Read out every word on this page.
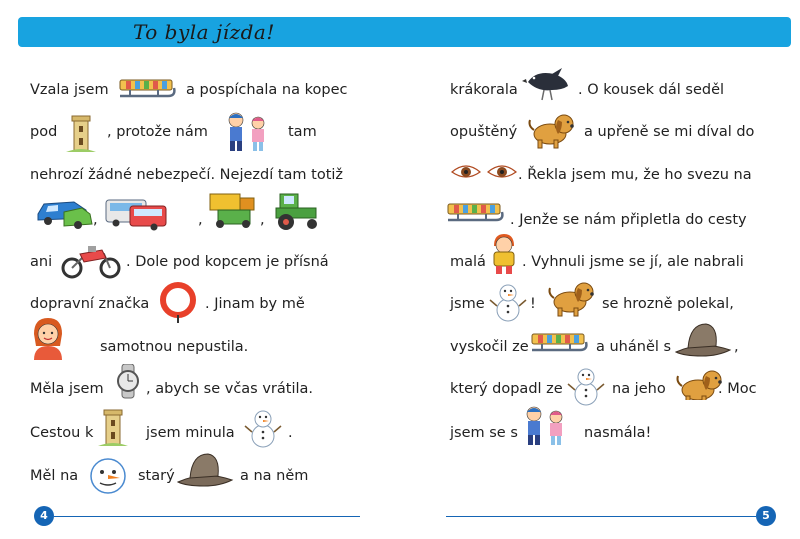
To byla jízda!
Vzala jsem	a pospíchala na kopec
pod	, protože nám	tam
nehrozí žádné nebezpečí. Nejezdí tam totiž
,	,	,
ani	. Dole pod kopcem je přísná
dopravní značka	. Jinam by mě
samotnou nepustila.
Měla jsem	, abych se včas vrátila.
Cestou k	jsem minula	.
Měl na	starý	a na něm
4
krákorala	. O kousek dál seděl
opuštěný	a upřeně se mi díval do
. Řekla jsem mu, že ho svezu na
. Jenže se nám připletla do cesty
malá . Vyhnuli jsme se jí, ale nabrali
jsme	!	se hrozně polekal,
vyskočil ze	a uháněl s	,
který dopadl ze	na jeho	. Moc
jsem se s	nasmála!
5
